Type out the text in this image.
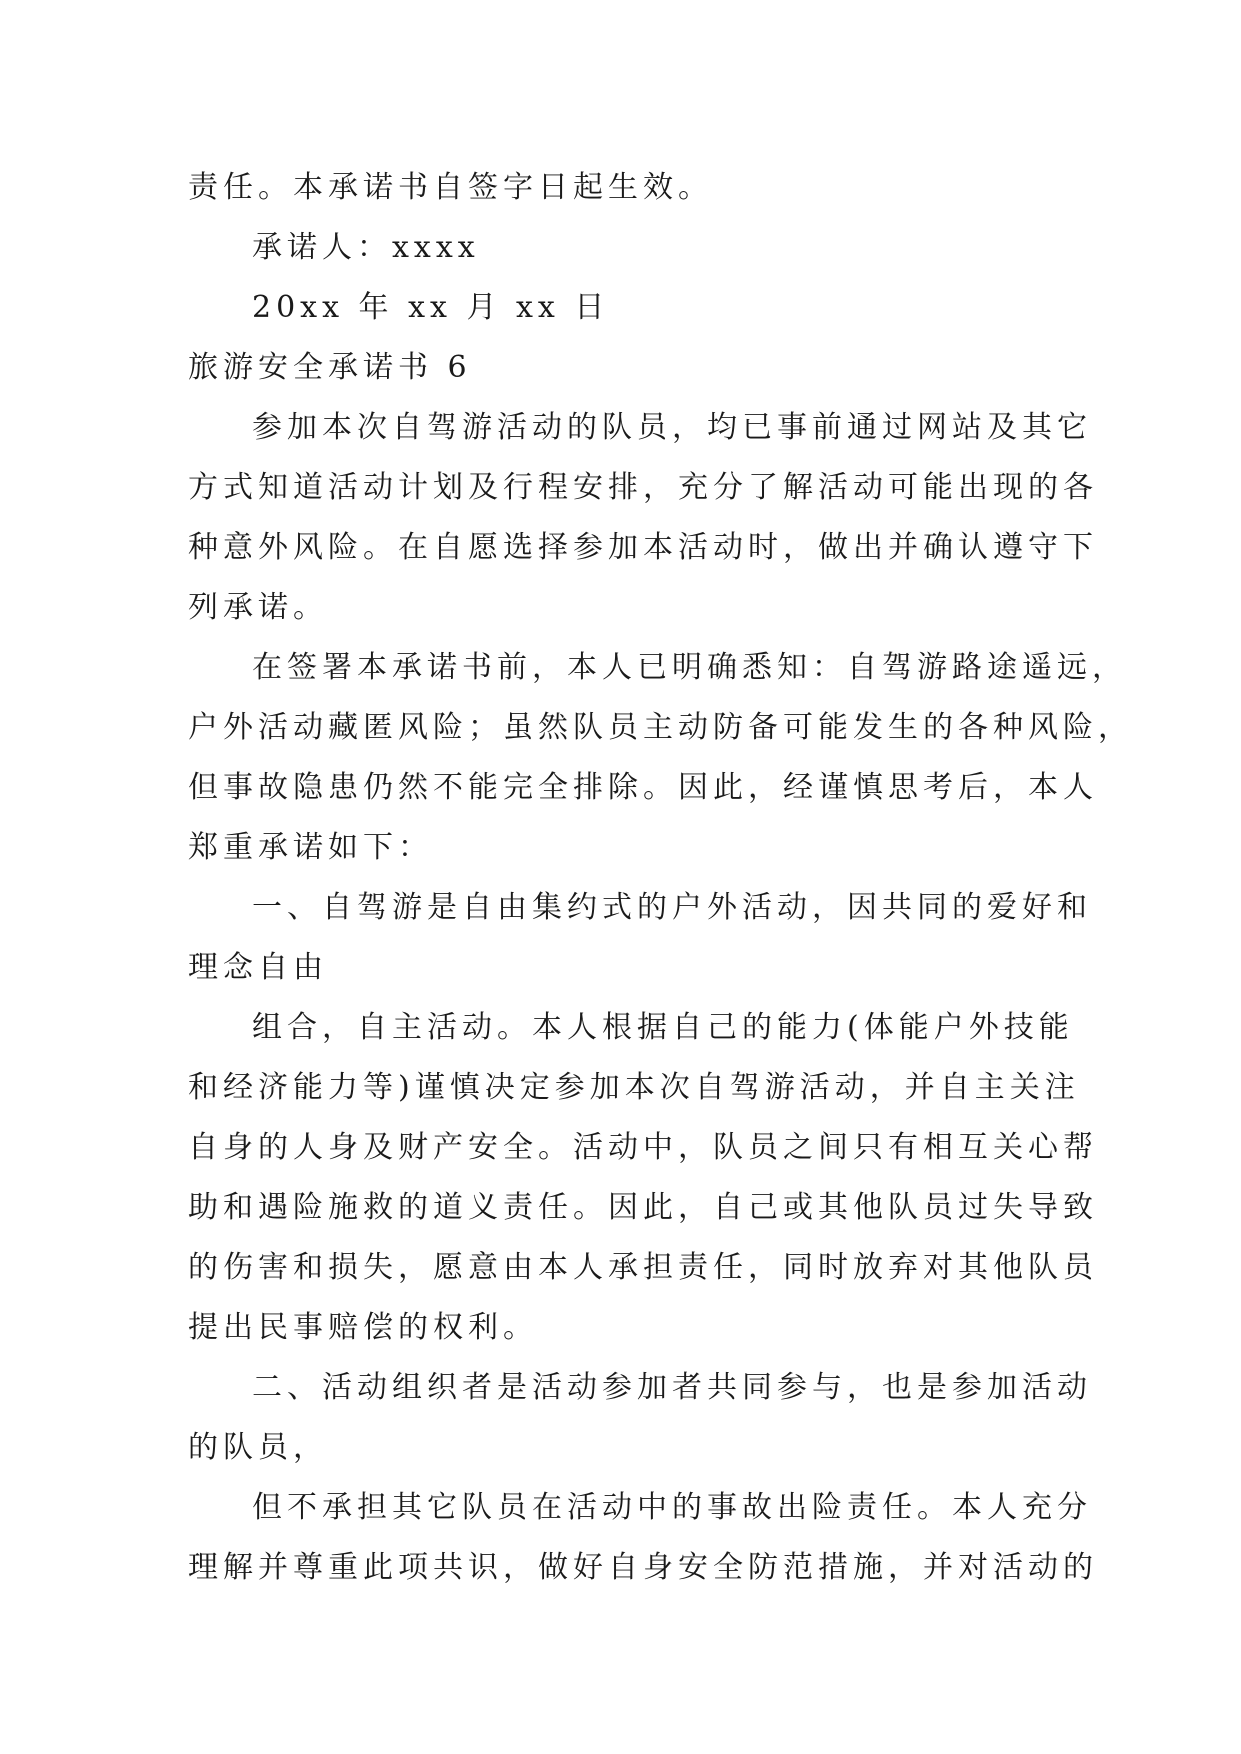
责任。本承诺书自签字日起生效。
承诺人：xxxx
20xx 年 xx 月 xx 日
旅游安全承诺书 6
参加本次自驾游活动的队员，均已事前通过网站及其它
方式知道活动计划及行程安排，充分了解活动可能出现的各
种意外风险。在自愿选择参加本活动时，做出并确认遵守下
列承诺。
在签署本承诺书前，本人已明确悉知：自驾游路途遥远，
户外活动藏匿风险；虽然队员主动防备可能发生的各种风险，
但事故隐患仍然不能完全排除。因此，经谨慎思考后，本人
郑重承诺如下：
一、自驾游是自由集约式的户外活动，因共同的爱好和
理念自由
组合，自主活动。本人根据自己的能力(体能户外技能
和经济能力等)谨慎决定参加本次自驾游活动，并自主关注
自身的人身及财产安全。活动中，队员之间只有相互关心帮
助和遇险施救的道义责任。因此，自己或其他队员过失导致
的伤害和损失，愿意由本人承担责任，同时放弃对其他队员
提出民事赔偿的权利。
二、活动组织者是活动参加者共同参与，也是参加活动
的队员，
但不承担其它队员在活动中的事故出险责任。本人充分
理解并尊重此项共识，做好自身安全防范措施，并对活动的
